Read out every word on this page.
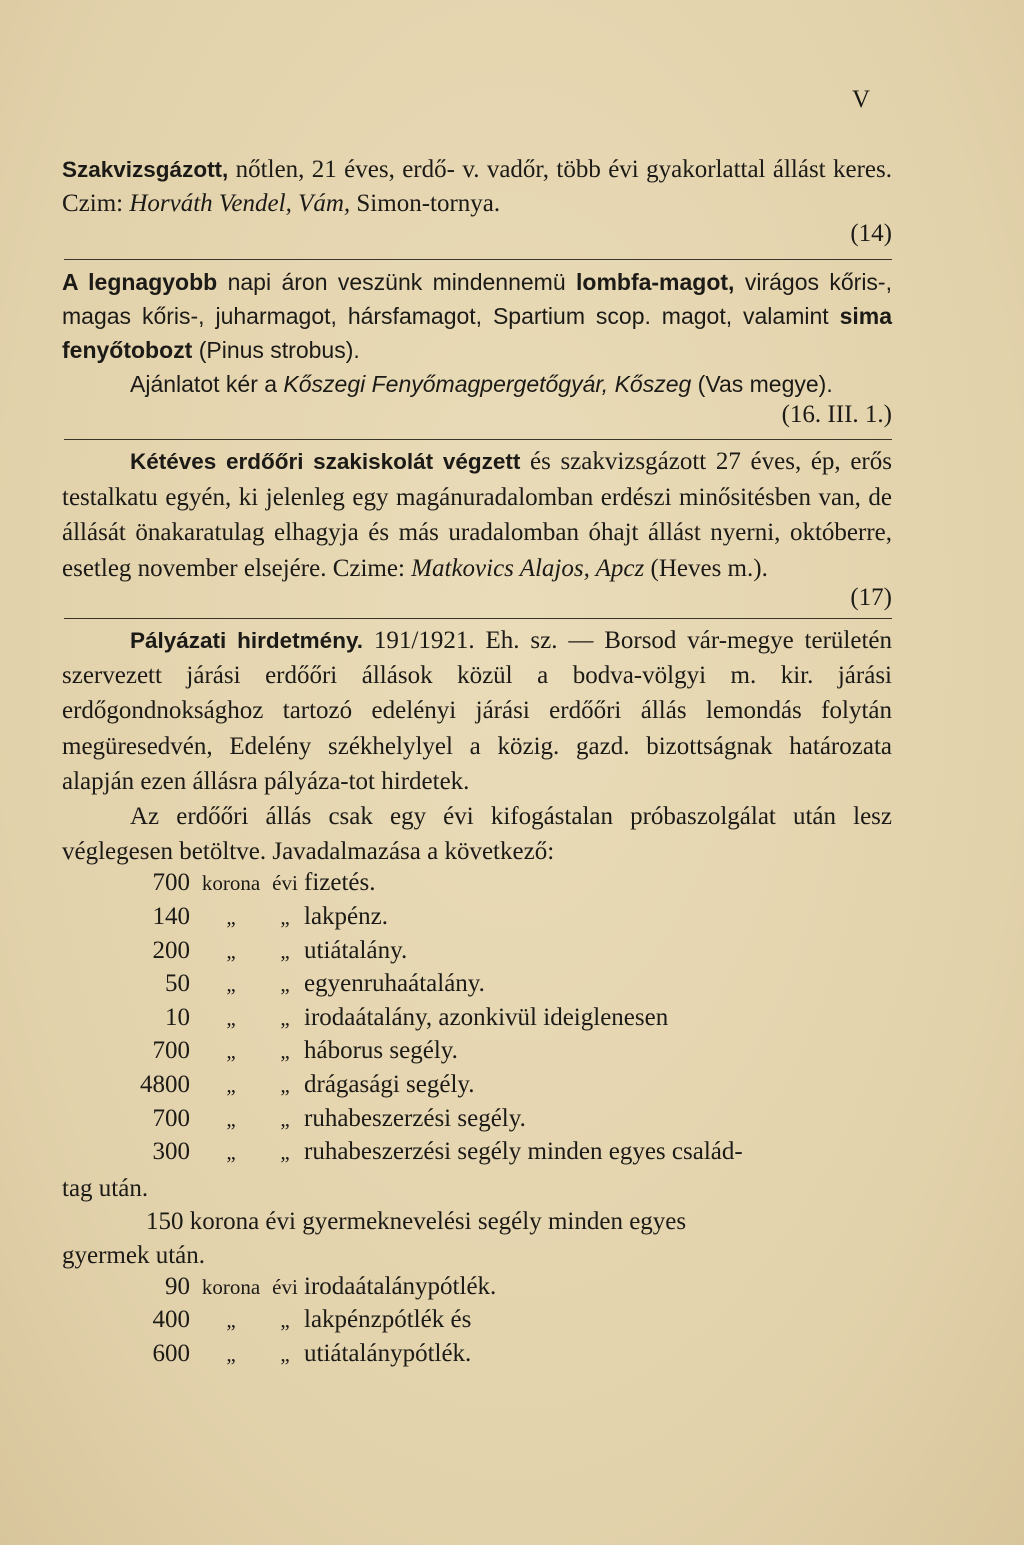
V

Szakvizsgázott, nőtlen, 21 éves, erdő- v. vadőr, több évi gyakorlattal állást keres. Czim: Horváth Vendel, Vám, Simon-tornya.

(14)

A legnagyobb napi áron veszünk mindennemü lombfa-magot, virágos kőris-, magas kőris-, juharmagot, hársfamagot, Spartium scop. magot, valamint sima fenyőtobozt (Pinus strobus).

Ajánlatot kér a Kőszegi Fenyőmagpergetőgyár, Kőszeg (Vas megye).

(16. III. 1.)

Kétéves erdőőri szakiskolát végzett és szakvizsgázott 27 éves, ép, erős testalkatu egyén, ki jelenleg egy magánuradalomban erdészi minősitésben van, de állását önakaratulag elhagyja és más uradalomban óhajt állást nyerni, októberre, esetleg november elsejére. Czime: Matkovics Alajos, Apcz (Heves m.).

(17)

Pályázati hirdetmény. 191/1921. Eh. sz. — Borsod vár-megye területén szervezett járási erdőőri állások közül a bodva-völgyi m. kir. járási erdőgondnoksághoz tartozó edelényi járási erdőőri állás lemondás folytán megüresedvén, Edelény székhelylyel a közig. gazd. bizottságnak határozata alapján ezen állásra pályáza-tot hirdetek.

Az erdőőri állás csak egy évi kifogástalan próbaszolgálat után lesz véglegesen betöltve. Javadalmazása a következő:

700	korona	évi	fizetés.
140	„	„	lakpénz.
200	„	„	utiátalány.
50	„	„	egyenruhaátalány.
10	„	„	irodaátalány, azonkivül ideiglenesen
700	„	„	háborus segély.
4800	„	„	drágasági segély.
700	„	„	ruhabeszerzési segély.
300	„	„	ruhabeszerzési segély minden egyes család-

tag után.

150 korona évi gyermeknevelési segély minden egyes

gyermek után.

90	korona	évi	irodaátalánypótlék.
400	„	„	lakpénzpótlék és
600	„	„	utiátalánypótlék.
